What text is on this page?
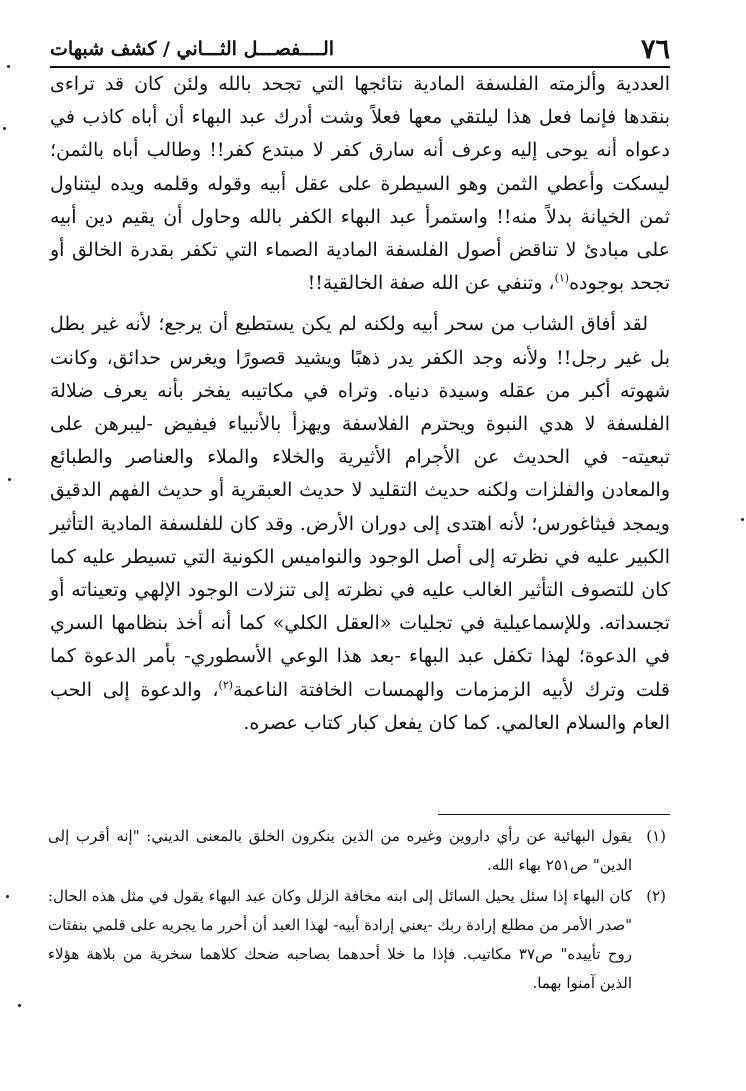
٧٦
الــــفصـــل الثـــاني / كشف شبهات

العددية وألزمته الفلسفة المادية نتائجها التي تجحد بالله ولئن كان قد تراءى بنقدها فإنما فعل هذا ليلتقي معها فعلاً وشت أدرك عبد البهاء أن أباه كاذب في دعواه أنه يوحى إليه وعرف أنه سارق كفر لا مبتدع كفر!! وطالب أباه بالثمن؛ ليسكت وأعطي الثمن وهو السيطرة على عقل أبيه وقوله وقلمه ويده ليتناول ثمن الخيانة بدلاً منه!! واستمرأ عبد البهاء الكفر بالله وحاول أن يقيم دين أبيه على مبادئ لا تناقض أصول الفلسفة المادية الصماء التي تكفر بقدرة الخالق أو تجحد بوجوده$^{(١)}$، وتنفي عن الله صفة الخالقية!!

لقد أفاق الشاب من سحر أبيه ولكنه لم يكن يستطيع أن يرجع؛ لأنه غير بطل بل غير رجل!! ولأنه وجد الكفر يدر ذهبًا ويشيد قصورًا ويغرس حدائق، وكانت شهوته أكبر من عقله وسيدة دنياه. وتراه في مكاتيبه يفخر بأنه يعرف ضلالة الفلسفة لا هدي النبوة ويحترم الفلاسفة ويهزأ بالأنبياء فيفيض -ليبرهن على تبعيته- في الحديث عن الأجرام الأثيرية والخلاء والملاء والعناصر والطبائع والمعادن والفلزات ولكنه حديث التقليد لا حديث العبقرية أو حديث الفهم الدقيق ويمجد فيثاغورس؛ لأنه اهتدى إلى دوران الأرض. وقد كان للفلسفة المادية التأثير الكبير عليه في نظرته إلى أصل الوجود والنواميس الكونية التي تسيطر عليه كما كان للتصوف التأثير الغالب عليه في نظرته إلى تنزلات الوجود الإلهي وتعيناته أو تجسداته. وللإسماعيلية في تجليات «العقل الكلي» كما أنه أخذ بنظامها السري في الدعوة؛ لهذا تكفل عبد البهاء -بعد هذا الوعي الأسطوري- بأمر الدعوة كما قلت وترك لأبيه الزمزمات والهمسات الخافتة الناعمة$^{(٢)}$، والدعوة إلى الحب العام والسلام العالمي. كما كان يفعل كبار كتاب عصره.

(١)
يقول البهائية عن رأي داروين وغيره من الذين ينكرون الخلق بالمعنى الديني: "إنه أقرب إلى الدين" ص٢٥١ بهاء الله.
(٢)
كان البهاء إذا سئل يحيل السائل إلى ابنه مخافة الزلل وكان عبد البهاء يقول في مثل هذه الحال: "صدر الأمر من مطلع إرادة ربك -يعني إرادة أبيه- لهذا العبد أن أحرر ما يجريه على قلمي بنفثات روح تأييده" ص٣٧ مكاتيب. فإذا ما خلا أحدهما بصاحبه ضحك كلاهما سخرية من بلاهة هؤلاء الذين آمنوا بهما.
